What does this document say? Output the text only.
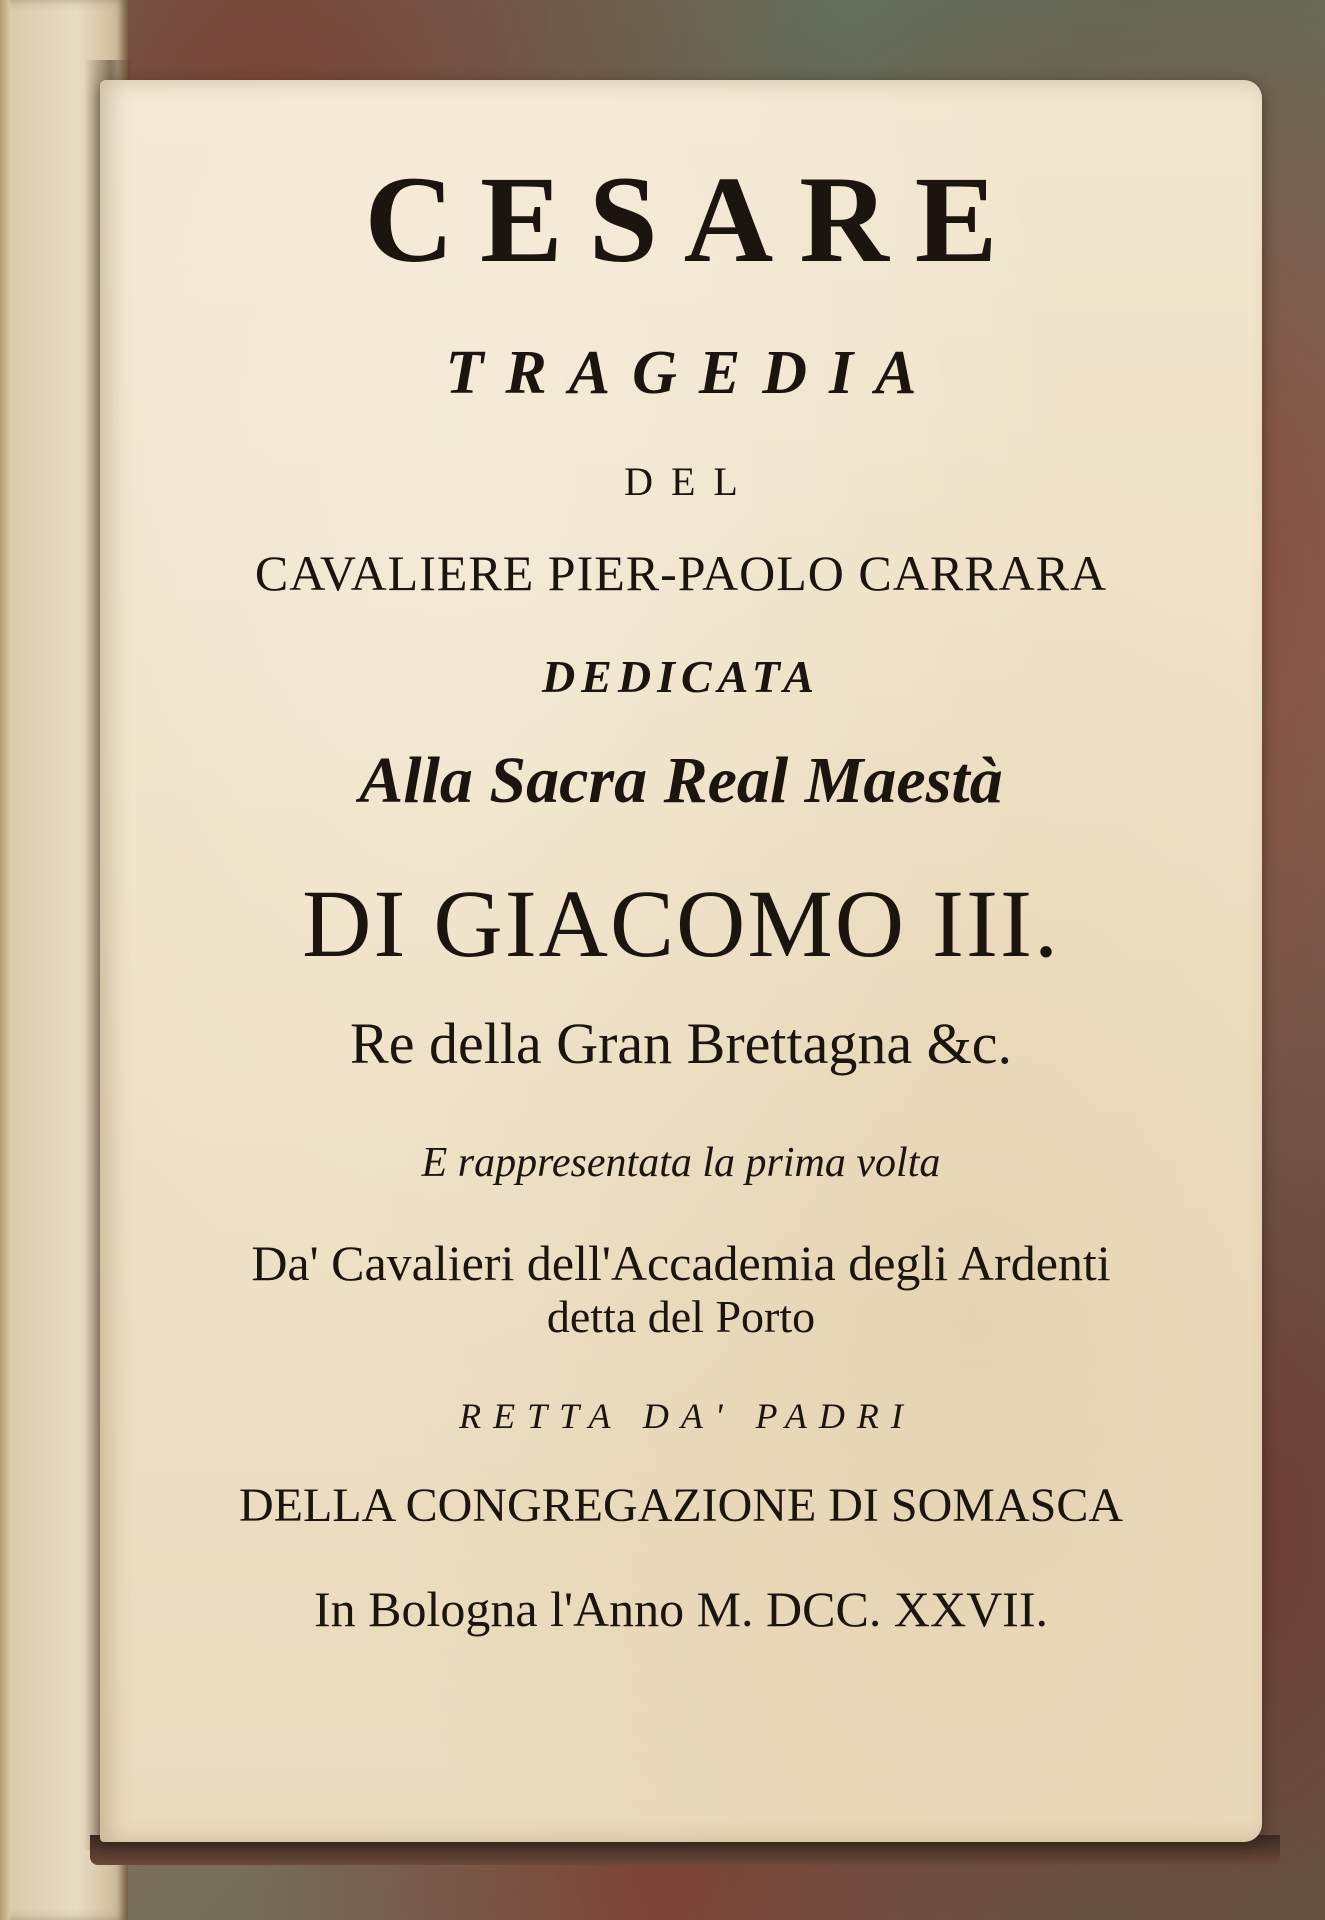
CESARE
TRAGEDIA
DEL
CAVALIERE PIER-PAOLO CARRARA
DEDICATA
Alla Sacra Real Maestà
DI GIACOMO III.
Re della Gran Brettagna &c.
E rappresentata la prima volta
Da' Cavalieri dell'Accademia degli Ardenti
detta del Porto
RETTA DA' PADRI
DELLA CONGREGAZIONE DI SOMASCA
In Bologna l'Anno M. DCC. XXVII.
